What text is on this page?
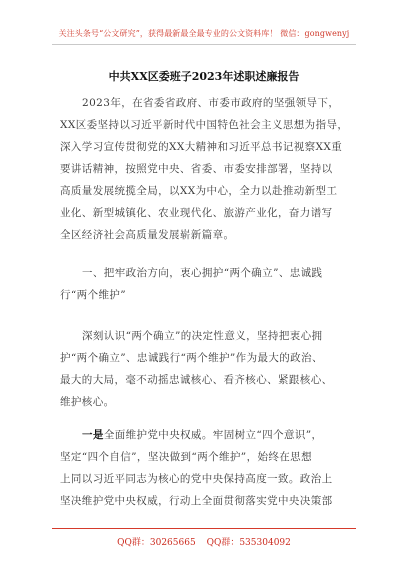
关注头条号“公文研究”，获得最新最全最专业的公文资料库！ 微信：gongwenyj
中共XX区委班子2023年述职述廉报告
2023年，在省委省政府、市委市政府的坚强领导下，
XX区委坚持以习近平新时代中国特色社会主义思想为指导，
深入学习宣传贯彻党的XX大精神和习近平总书记视察XX重
要讲话精神，按照党中央、省委、市委安排部署，坚持以
高质量发展统揽全局，以XX为中心，全力以赴推动新型工
业化、新型城镇化、农业现代化、旅游产业化，奋力谱写
全区经济社会高质量发展崭新篇章。
一、把牢政治方向，衷心拥护“两个确立”、忠诚践
行“两个维护”
深刻认识“两个确立”的决定性意义，坚持把衷心拥
护“两个确立”、忠诚践行“两个维护”作为最大的政治、
最大的大局，毫不动摇忠诚核心、看齐核心、紧跟核心、
维护核心。
一是全面维护党中央权威。牢固树立“四个意识”，
坚定“四个自信”，坚决做到“两个维护”，始终在思想
上同以习近平同志为核心的党中央保持高度一致。政治上
坚决维护党中央权威，行动上全面贯彻落实党中央决策部
QQ群：30265665 QQ群：535304092
